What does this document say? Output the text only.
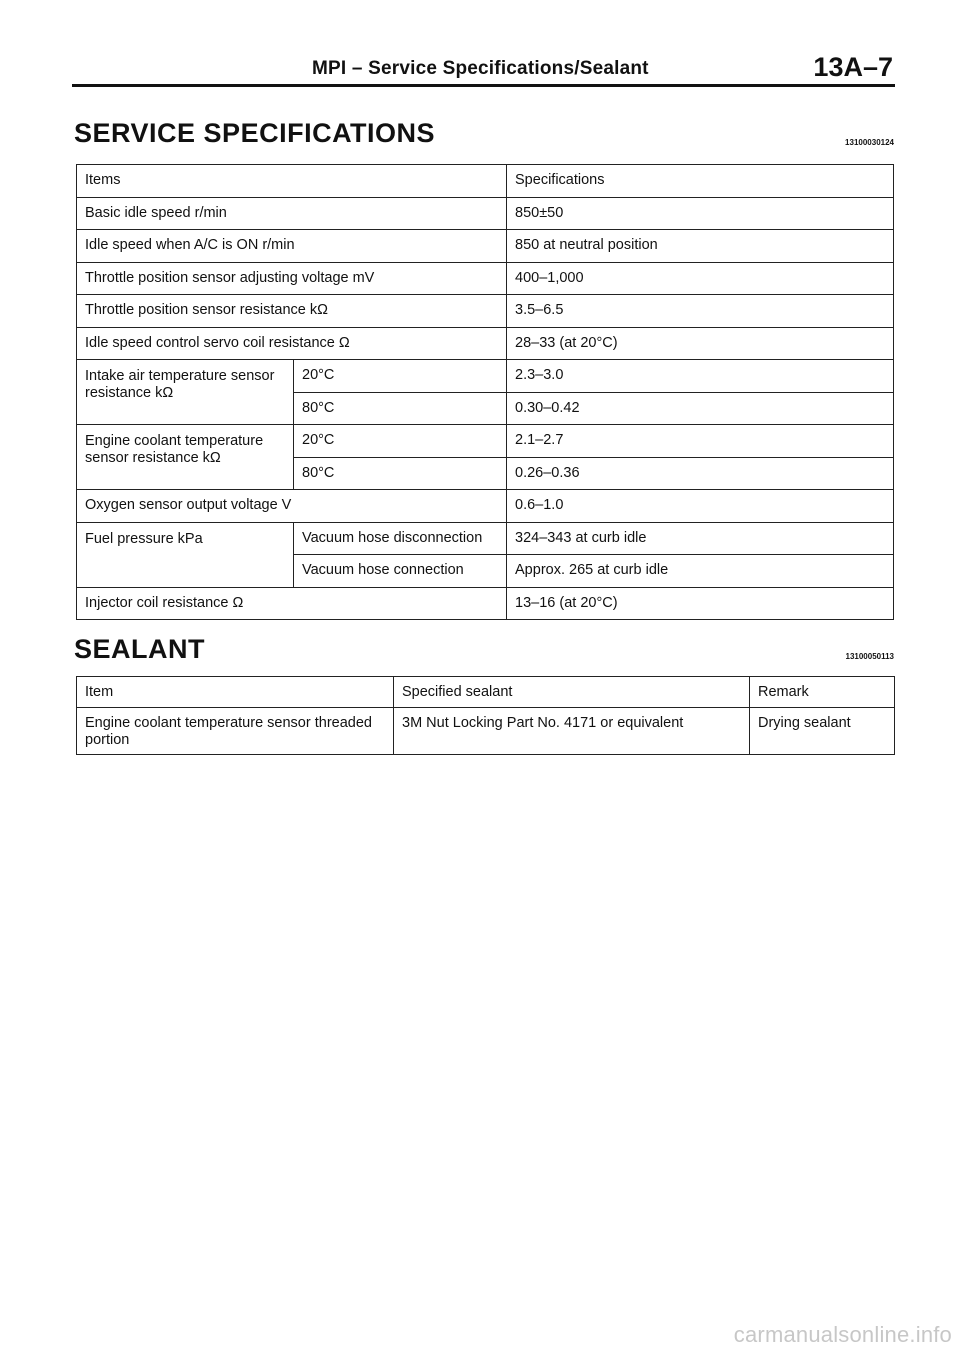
MPI – Service Specifications/Sealant	13A–7
SERVICE SPECIFICATIONS	13100030124
Items		Specifications
Basic idle speed r/min		850±50
Idle speed when A/C is ON r/min		850 at neutral position
Throttle position sensor adjusting voltage mV		400–1,000
Throttle position sensor resistance kΩ		3.5–6.5
Idle speed control servo coil resistance Ω		28–33 (at 20°C)
Intake air temperature sensor resistance kΩ	20°C	2.3–3.0
	80°C	0.30–0.42
Engine coolant temperature sensor resistance kΩ	20°C	2.1–2.7
	80°C	0.26–0.36
Oxygen sensor output voltage V		0.6–1.0
Fuel pressure kPa	Vacuum hose disconnection	324–343 at curb idle
	Vacuum hose connection	Approx. 265 at curb idle
Injector coil resistance Ω		13–16 (at 20°C)
SEALANT	13100050113
Item	Specified sealant	Remark
Engine coolant temperature sensor threaded portion	3M Nut Locking Part No. 4171 or equivalent	Drying sealant
carmanualsonline.info
